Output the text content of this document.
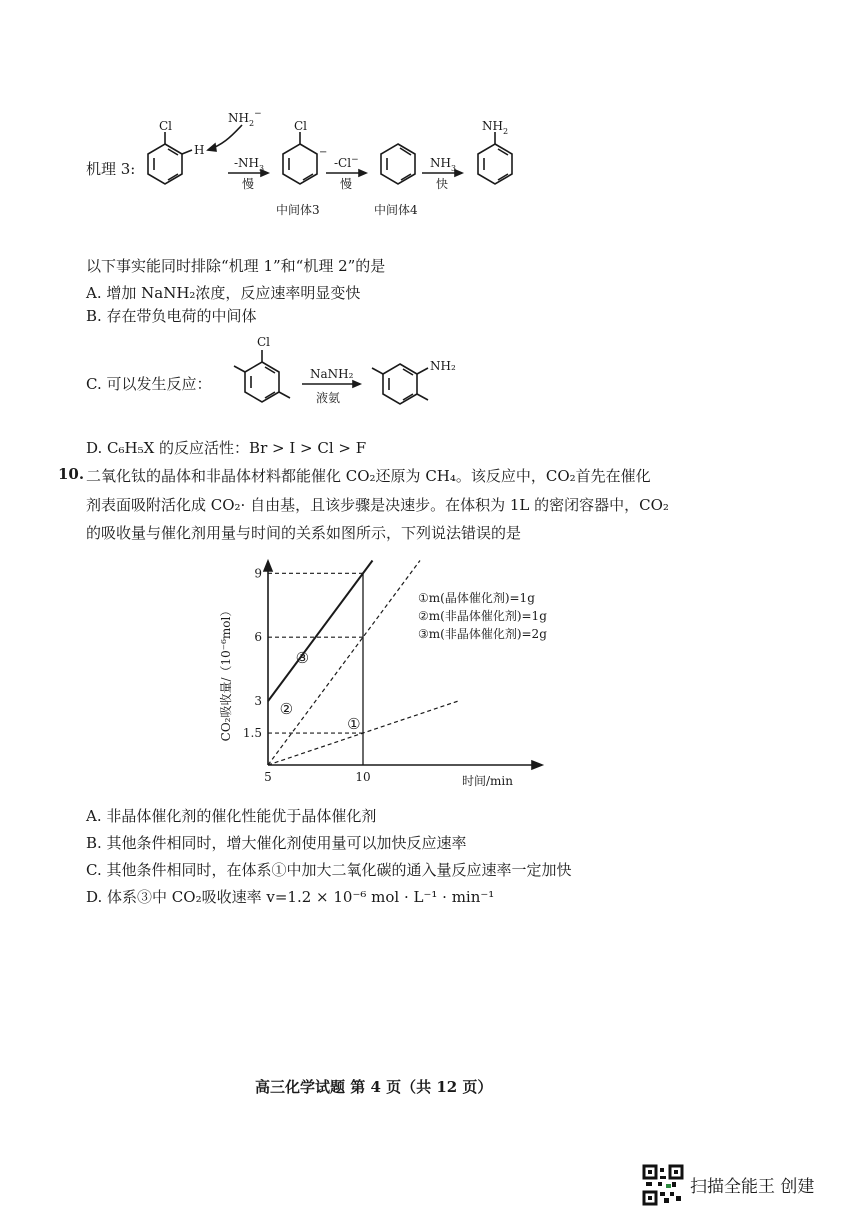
机理 3:
Cl
H
$NH_2^-$
$-NH_3$
慢
Cl
−
-Cl−
慢
$NH_3$
快
$NH_2$
中间体3	中间体4
以下事实能同时排除“机理 1”和“机理 2”的是
A. 增加 NaNH₂浓度，反应速率明显变快
B. 存在带负电荷的中间体
C. 可以发生反应：
Cl
NaNH₂
液氨
NH₂
D. C₆H₅X 的反应活性：Br > I > Cl > F
10. 二氧化钛的晶体和非晶体材料都能催化 CO₂还原为 CH₄。该反应中，CO₂首先在催化
剂表面吸附活化成 CO₂· 自由基，且该步骤是决速步。在体积为 1L 的密闭容器中，CO₂
的吸收量与催化剂用量与时间的关系如图所示，下列说法错误的是
1.5
3
6
9
5	10
③
②
①
CO₂吸收量/（10⁻⁶mol）
时间/min
①m(晶体催化剂)=1g
②m(非晶体催化剂)=1g
③m(非晶体催化剂)=2g
A. 非晶体催化剂的催化性能优于晶体催化剂
B. 其他条件相同时，增大催化剂使用量可以加快反应速率
C. 其他条件相同时，在体系①中加大二氧化碳的通入量反应速率一定加快
D. 体系③中 CO₂吸收速率 v=1.2 × 10⁻⁶ mol · L⁻¹ · min⁻¹
高三化学试题 第 4 页（共 12 页）
扫描全能王 创建
